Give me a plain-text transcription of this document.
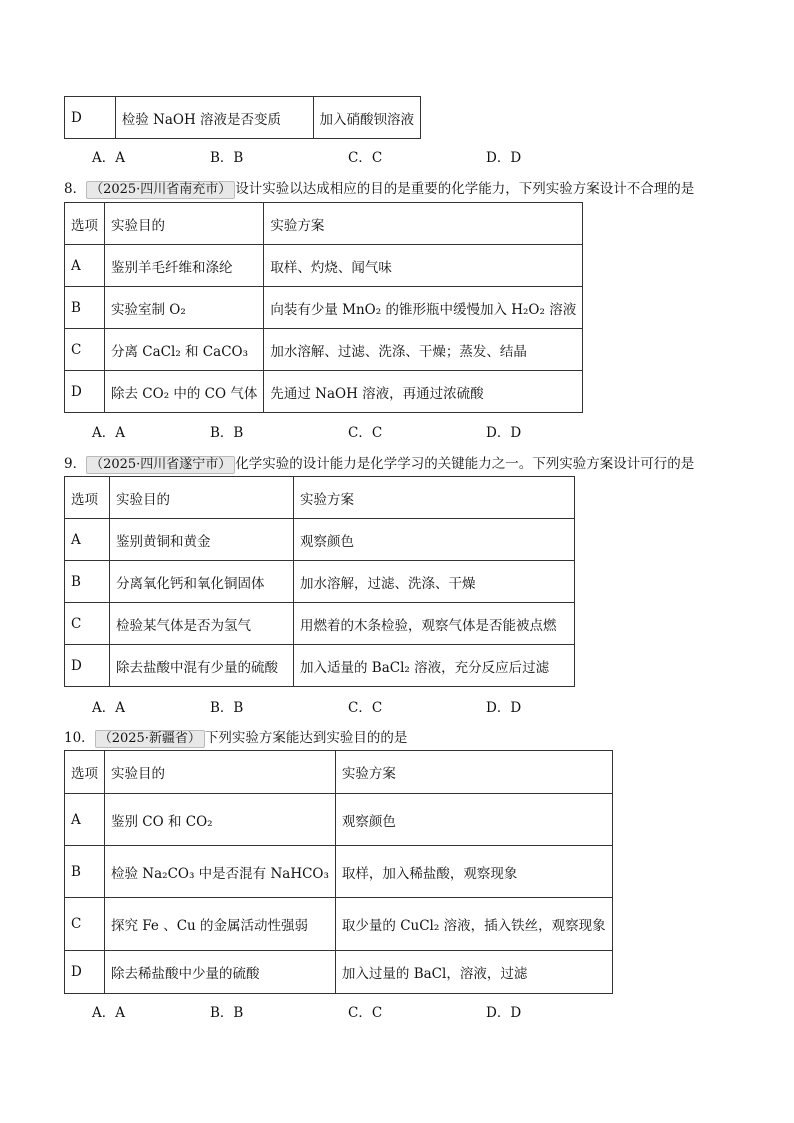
D	检验 NaOH 溶液是否变质	加入硝酸钡溶液
A．A	B．B	C．C	D．D
8． （2025·四川省南充市） 设计实验以达成相应的目的是重要的化学能力，下列实验方案设计不合理的是
选项	实验目的	实验方案
A	鉴别羊毛纤维和涤纶	取样、灼烧、闻气味
B	实验室制 O₂	向装有少量 MnO₂ 的锥形瓶中缓慢加入 H₂O₂ 溶液
C	分离 CaCl₂ 和 CaCO₃	加水溶解、过滤、洗涤、干燥；蒸发、结晶
D	除去 CO₂ 中的 CO 气体	先通过 NaOH 溶液，再通过浓硫酸
A．A	B．B	C．C	D．D
9． （2025·四川省遂宁市） 化学实验的设计能力是化学学习的关键能力之一。下列实验方案设计可行的是
选项	实验目的	实验方案
A	鉴别黄铜和黄金	观察颜色
B	分离氧化钙和氧化铜固体	加水溶解，过滤、洗涤、干燥
C	检验某气体是否为氢气	用燃着的木条检验，观察气体是否能被点燃
D	除去盐酸中混有少量的硫酸	加入适量的 BaCl₂ 溶液，充分反应后过滤
A．A	B．B	C．C	D．D
10． （2025·新疆省） 下列实验方案能达到实验目的的是
选项	实验目的	实验方案
A	鉴别 CO 和 CO₂	观察颜色
B	检验 Na₂CO₃ 中是否混有 NaHCO₃	取样，加入稀盐酸，观察现象
C	探究 Fe 、Cu 的金属活动性强弱	取少量的 CuCl₂ 溶液，插入铁丝，观察现象
D	除去稀盐酸中少量的硫酸	加入过量的 BaCl，溶液，过滤
A．A	B．B	C．C	D．D
